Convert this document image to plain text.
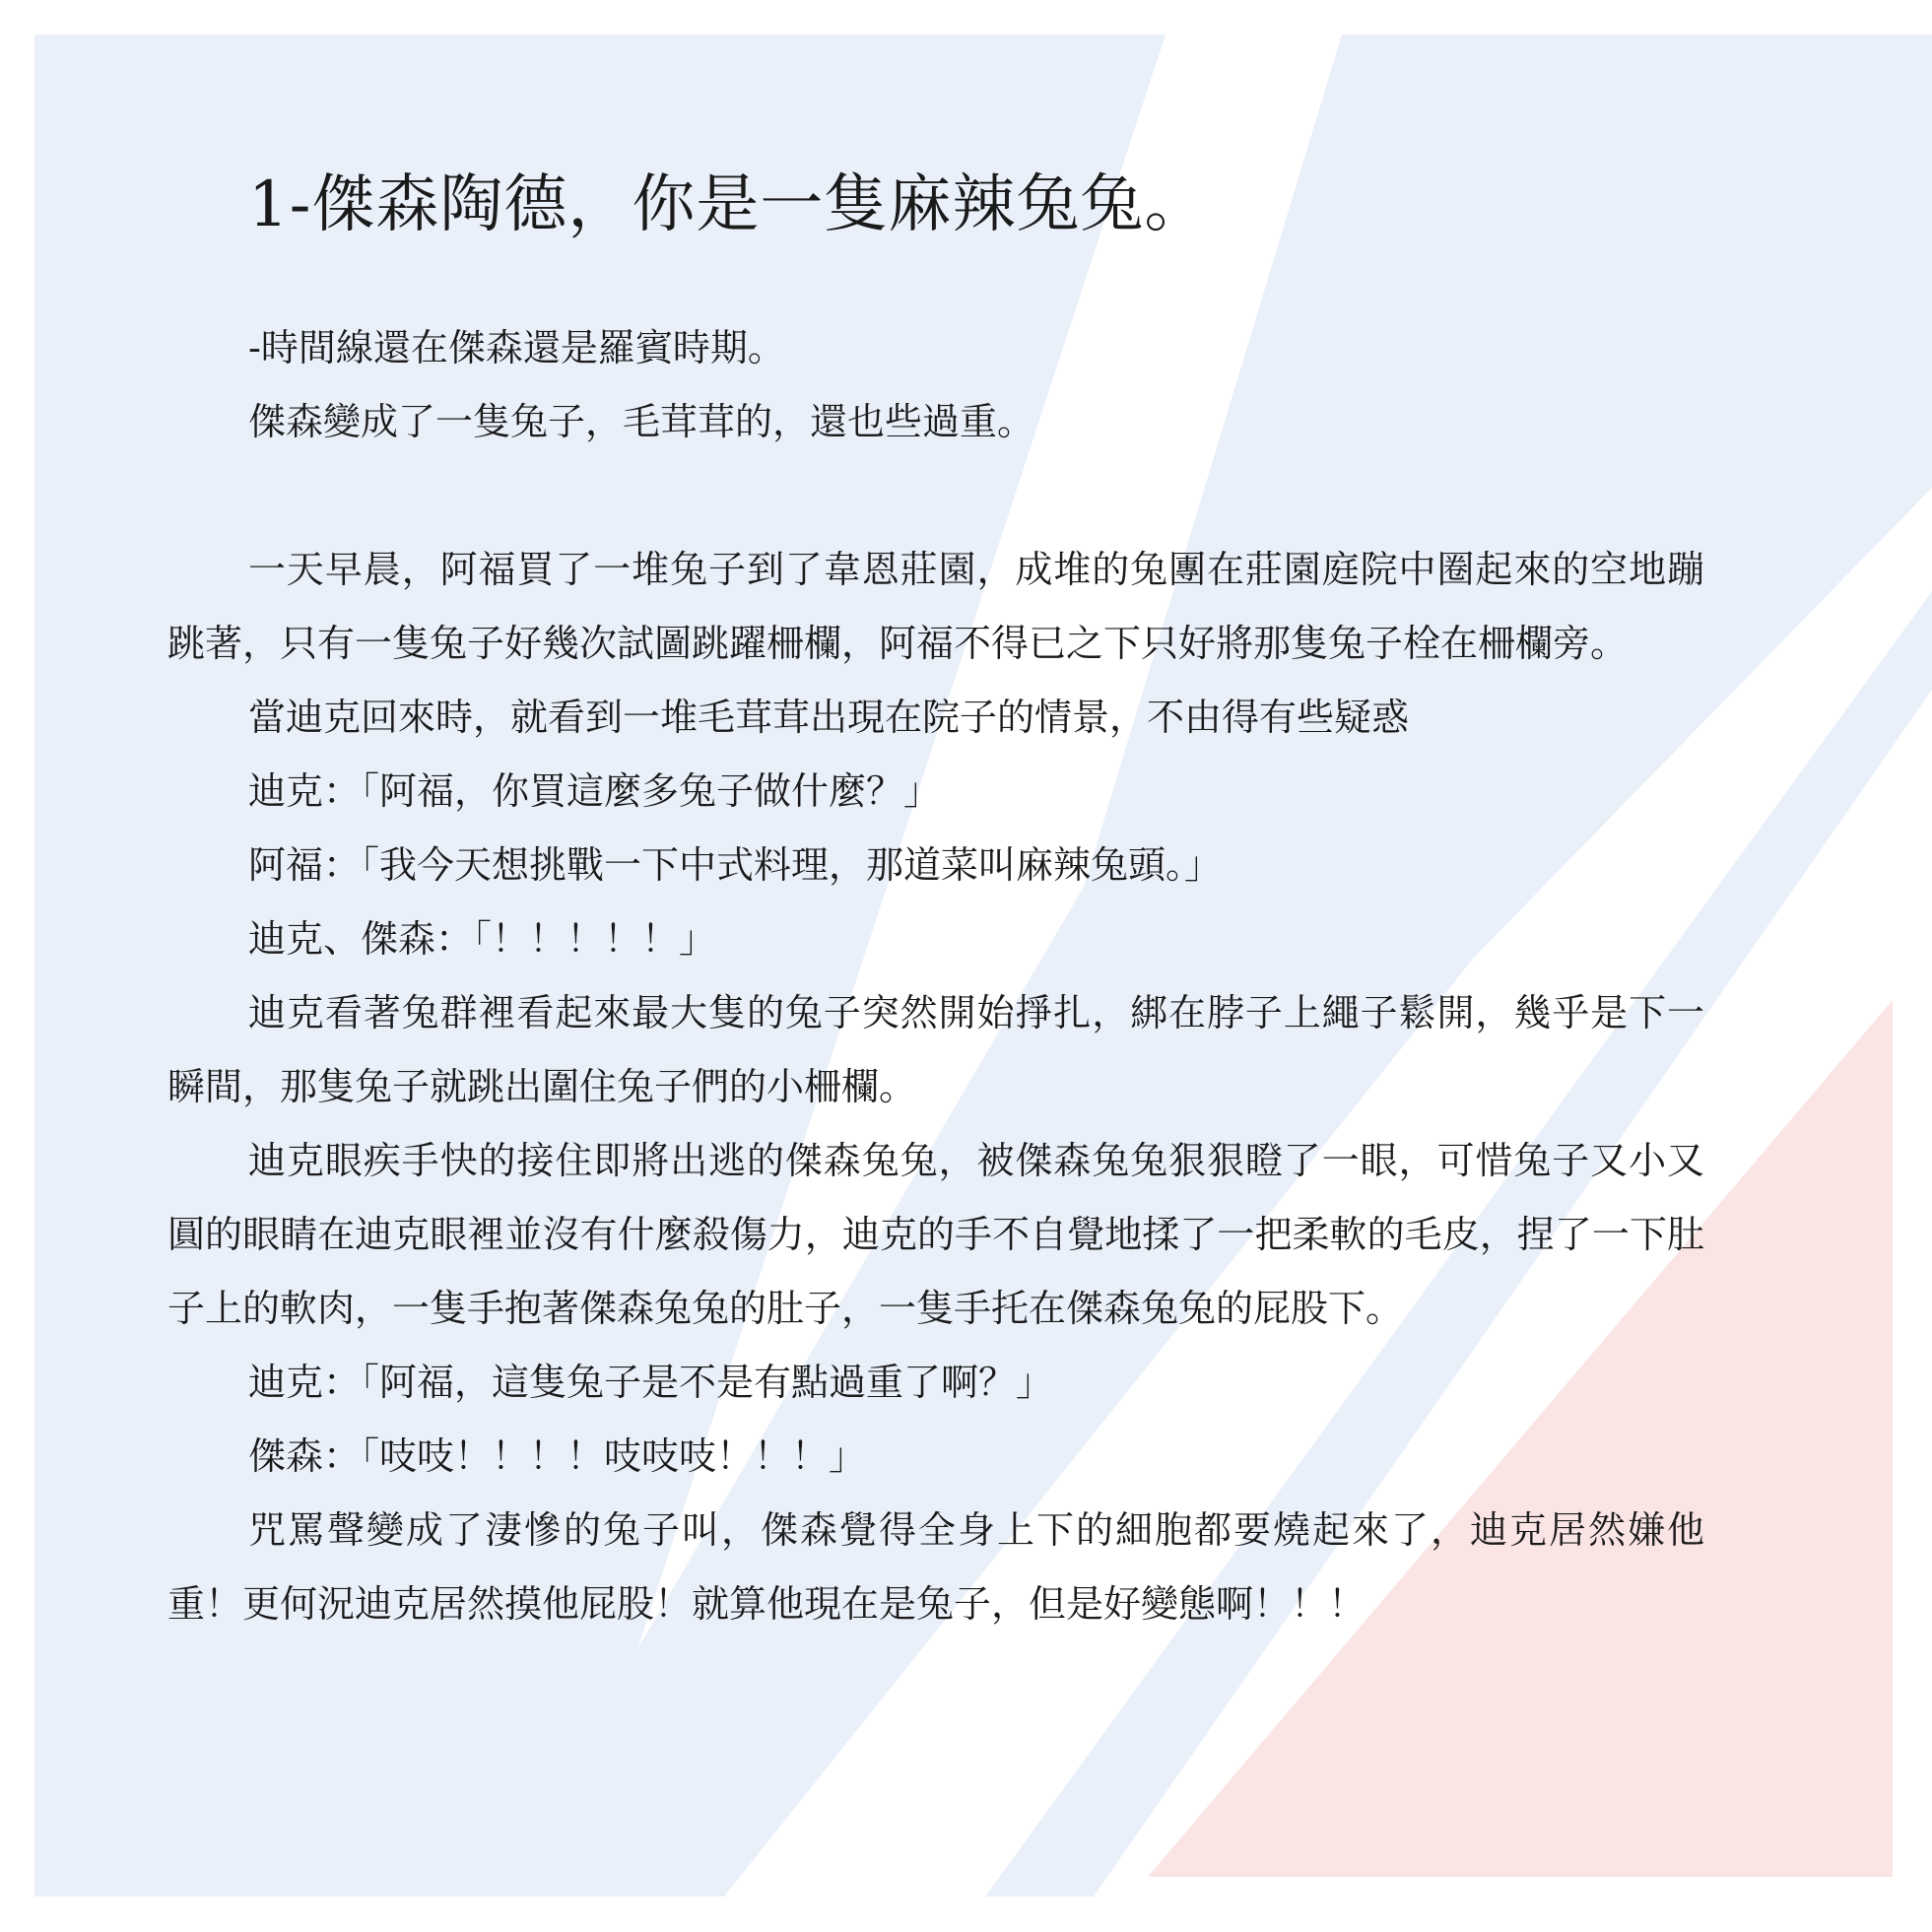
1-傑森陶德，你是一隻麻辣兔兔。

-時間線還在傑森還是羅賓時期。

傑森變成了一隻兔子，毛茸茸的，還也些過重。

一天早晨，阿福買了一堆兔子到了韋恩莊園，成堆的兔團在莊園庭院中圈起來的空地蹦跳著，只有一隻兔子好幾次試圖跳躍柵欄，阿福不得已之下只好將那隻兔子栓在柵欄旁。

當迪克回來時，就看到一堆毛茸茸出現在院子的情景，不由得有些疑惑

迪克：「阿福，你買這麼多兔子做什麼？」

阿福：「我今天想挑戰一下中式料理，那道菜叫麻辣兔頭。」

迪克、傑森：「！！！！！」

迪克看著兔群裡看起來最大隻的兔子突然開始掙扎，綁在脖子上繩子鬆開，幾乎是下一瞬間，那隻兔子就跳出圍住兔子們的小柵欄。

迪克眼疾手快的接住即將出逃的傑森兔兔，被傑森兔兔狠狠瞪了一眼，可惜兔子又小又圓的眼睛在迪克眼裡並沒有什麼殺傷力，迪克的手不自覺地揉了一把柔軟的毛皮，捏了一下肚子上的軟肉，一隻手抱著傑森兔兔的肚子，一隻手托在傑森兔兔的屁股下。

迪克：「阿福，這隻兔子是不是有點過重了啊？」

傑森：「吱吱！！！！吱吱吱！！！」

咒罵聲變成了淒慘的兔子叫，傑森覺得全身上下的細胞都要燒起來了，迪克居然嫌他重！更何況迪克居然摸他屁股！就算他現在是兔子，但是好變態啊！！！
